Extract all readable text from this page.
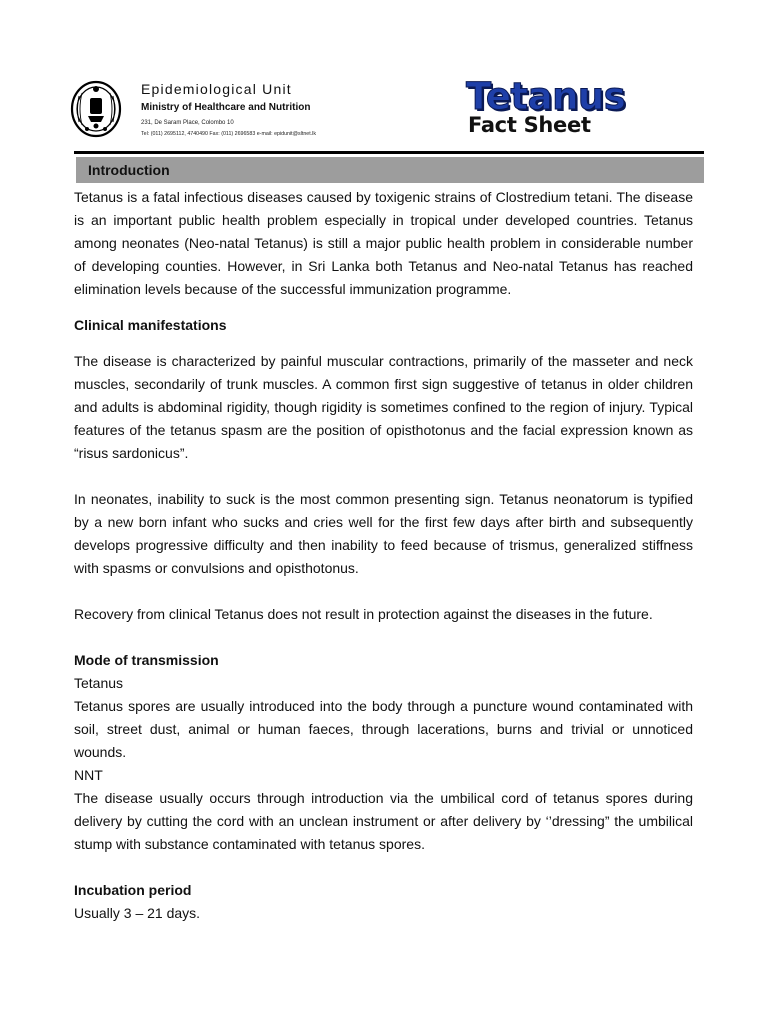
Epidemiological Unit
Ministry of Healthcare and Nutrition
231, De Saram Place, Colombo 10
Tel: (011) 2695112, 4740490 Fax: (011) 2696583 e-mail: epidunit@sltnet.lk
Tetanus
Fact Sheet
Introduction

Tetanus is a fatal infectious diseases caused by toxigenic strains of Clostredium tetani. The disease is an important public health problem especially in tropical under developed countries. Tetanus among neonates (Neo-natal Tetanus) is still a major public health problem in considerable number of developing counties. However, in Sri Lanka both Tetanus and Neo-natal Tetanus has reached elimination levels because of the successful immunization programme.

Clinical manifestations

The disease is characterized by painful muscular contractions, primarily of the masseter and neck muscles, secondarily of trunk muscles. A common first sign suggestive of tetanus in older children and adults is abdominal rigidity, though rigidity is sometimes confined to the region of injury. Typical features of the tetanus spasm are the position of opisthotonus and the facial expression known as “risus sardonicus”.

In neonates, inability to suck is the most common presenting sign. Tetanus neonatorum is typified by a new born infant who sucks and cries well for the first few days after birth and subsequently develops progressive difficulty and then inability to feed because of trismus, generalized stiffness with spasms or convulsions and opisthotonus.

Recovery from clinical Tetanus does not result in protection against the diseases in the future.

Mode of transmission

Tetanus

Tetanus spores are usually introduced into the body through a puncture wound contaminated with soil, street dust, animal or human faeces, through lacerations, burns and trivial or unnoticed wounds.

NNT

The disease usually occurs through introduction via the umbilical cord of tetanus spores during delivery by cutting the cord with an unclean instrument or after delivery by ‘’dressing” the umbilical stump with substance contaminated with tetanus spores.

Incubation period

Usually 3 – 21 days.
